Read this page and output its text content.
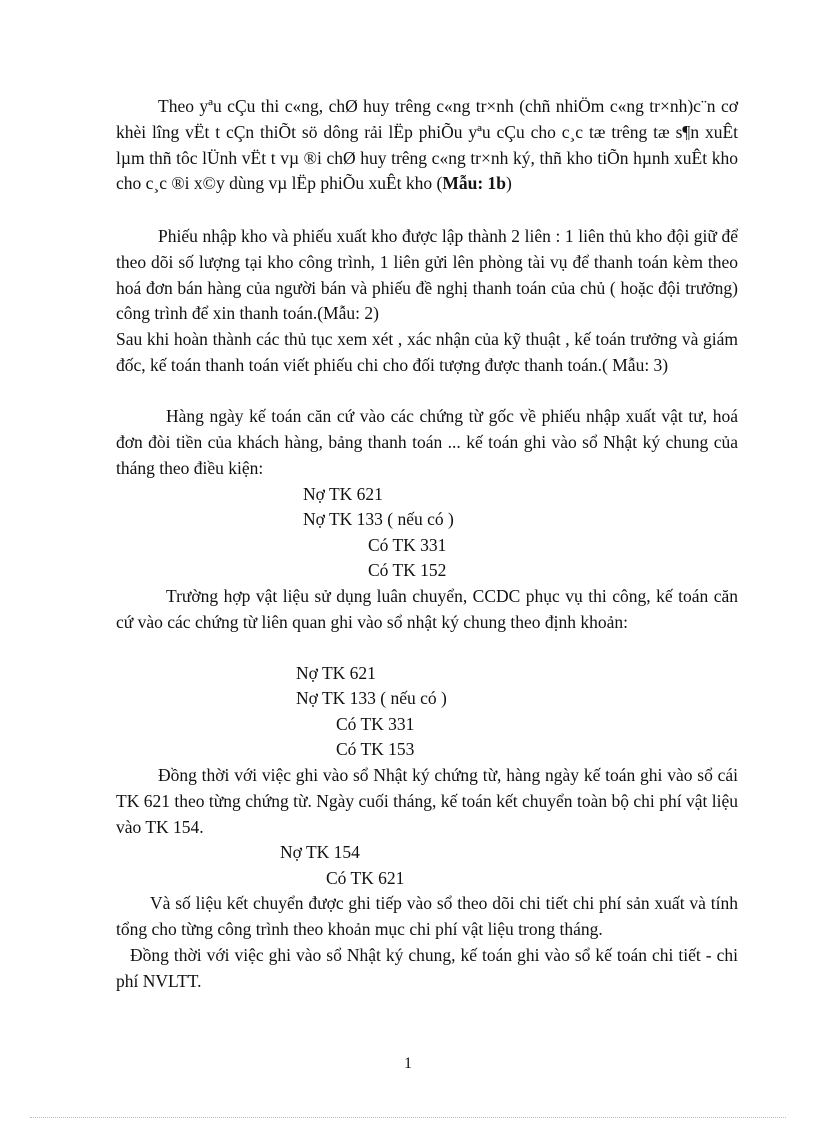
Theo yªu cÇu thi c«ng, chØ huy trêng c«ng tr×nh (chñ nhiÖm c«ng tr×nh)c¨n cơ khèi lîng vËt t cÇn thiÕt sö dông rải lËp phiÕu yªu cÇu cho c¸c tæ trêng tæ s¶n xuÊt lµm thñ tôc lÜnh vËt t vµ ®i chØ huy trêng c«ng tr×nh ký, thñ kho tiÕn hµnh xuÊt kho cho c¸c ®i x©y dùng vµ lËp phiÕu xuÊt kho (Mẫu: 1b)
Phiếu nhập kho và phiếu xuất kho được lập thành 2 liên : 1 liên thủ kho đội giữ để theo dõi số lượng tại kho công trình, 1 liên gửi lên phòng tài vụ để thanh toán kèm theo hoá đơn bán hàng của người bán và phiếu đề nghị thanh toán của chủ ( hoặc đội trưởng) công trình để xin thanh toán.(Mẫu: 2)
Sau khi hoàn thành các thủ tục xem xét , xác nhận của kỹ thuật , kế toán trưởng và giám đốc, kế toán thanh toán viết phiếu chi cho đối tượng được thanh toán.( Mẫu: 3)
Hàng ngày kế toán căn cứ vào các chứng từ gốc về phiếu nhập xuất vật tư, hoá đơn đòi tiền của khách hàng, bảng thanh toán ... kế toán ghi vào sổ Nhật ký chung của tháng theo điều kiện:
Nợ TK 621
Nợ TK 133 ( nếu có )
Có TK 331
Có TK 152
Trường hợp vật liệu sử dụng luân chuyển, CCDC phục vụ thi công, kế toán căn cứ vào các chứng từ liên quan ghi vào sổ nhật ký chung theo định khoản:
Nợ TK 621
Nợ TK 133 ( nếu có )
Có TK 331
Có TK 153
Đồng thời với việc ghi vào sổ Nhật ký chứng từ, hàng ngày kế toán ghi vào sổ cái TK 621 theo từng chứng từ. Ngày cuối tháng, kế toán kết chuyển toàn bộ chi phí vật liệu vào TK 154.
Nợ TK 154
Có TK 621
Và số liệu kết chuyển được ghi tiếp vào sổ theo dõi chi tiết chi phí sản xuất và tính tổng cho từng công trình theo khoản mục chi phí vật liệu trong tháng.
Đồng thời với việc ghi vào sổ Nhật ký chung, kế toán ghi vào sổ kế toán chi tiết - chi phí NVLTT.
1
